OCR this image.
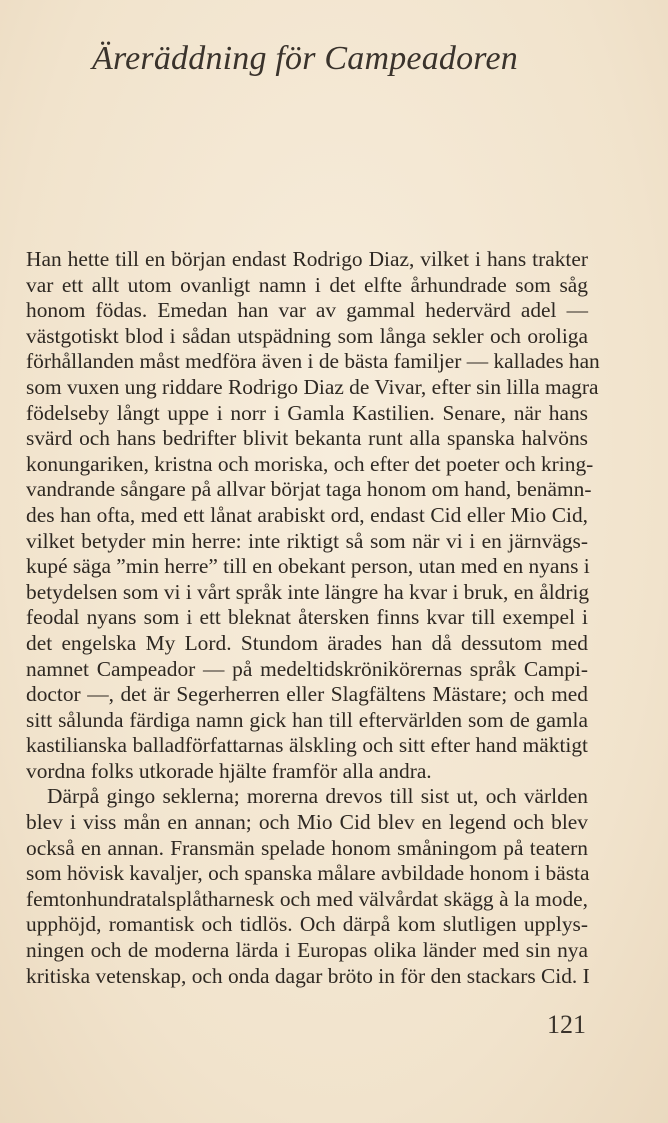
Äreräddning för Campeadoren
Han hette till en början endast Rodrigo Diaz, vilket i hans trakter
var ett allt utom ovanligt namn i det elfte århundrade som såg
honom födas. Emedan han var av gammal hedervärd adel —
västgotiskt blod i sådan utspädning som långa sekler och oroliga
förhållanden måst medföra även i de bästa familjer — kallades han
som vuxen ung riddare Rodrigo Diaz de Vivar, efter sin lilla magra
födelseby långt uppe i norr i Gamla Kastilien. Senare, när hans
svärd och hans bedrifter blivit bekanta runt alla spanska halvöns
konungariken, kristna och moriska, och efter det poeter och kring-
vandrande sångare på allvar börjat taga honom om hand, benämn-
des han ofta, med ett lånat arabiskt ord, endast Cid eller Mio Cid,
vilket betyder min herre: inte riktigt så som när vi i en järnvägs-
kupé säga ”min herre” till en obekant person, utan med en nyans i
betydelsen som vi i vårt språk inte längre ha kvar i bruk, en åldrig
feodal nyans som i ett bleknat återsken finns kvar till exempel i
det engelska My Lord. Stundom ärades han då dessutom med
namnet Campeador — på medeltidskrönikörernas språk Campi-
doctor —, det är Segerherren eller Slagfältens Mästare; och med
sitt sålunda färdiga namn gick han till eftervärlden som de gamla
kastilianska balladförfattarnas älskling och sitt efter hand mäktigt
vordna folks utkorade hjälte framför alla andra.
Därpå gingo seklerna; morerna drevos till sist ut, och världen
blev i viss mån en annan; och Mio Cid blev en legend och blev
också en annan. Fransmän spelade honom småningom på teatern
som hövisk kavaljer, och spanska målare avbildade honom i bästa
femtonhundratalsplåtharnesk och med välvårdat skägg à la mode,
upphöjd, romantisk och tidlös. Och därpå kom slutligen upplys-
ningen och de moderna lärda i Europas olika länder med sin nya
kritiska vetenskap, och onda dagar bröto in för den stackars Cid. I
121
